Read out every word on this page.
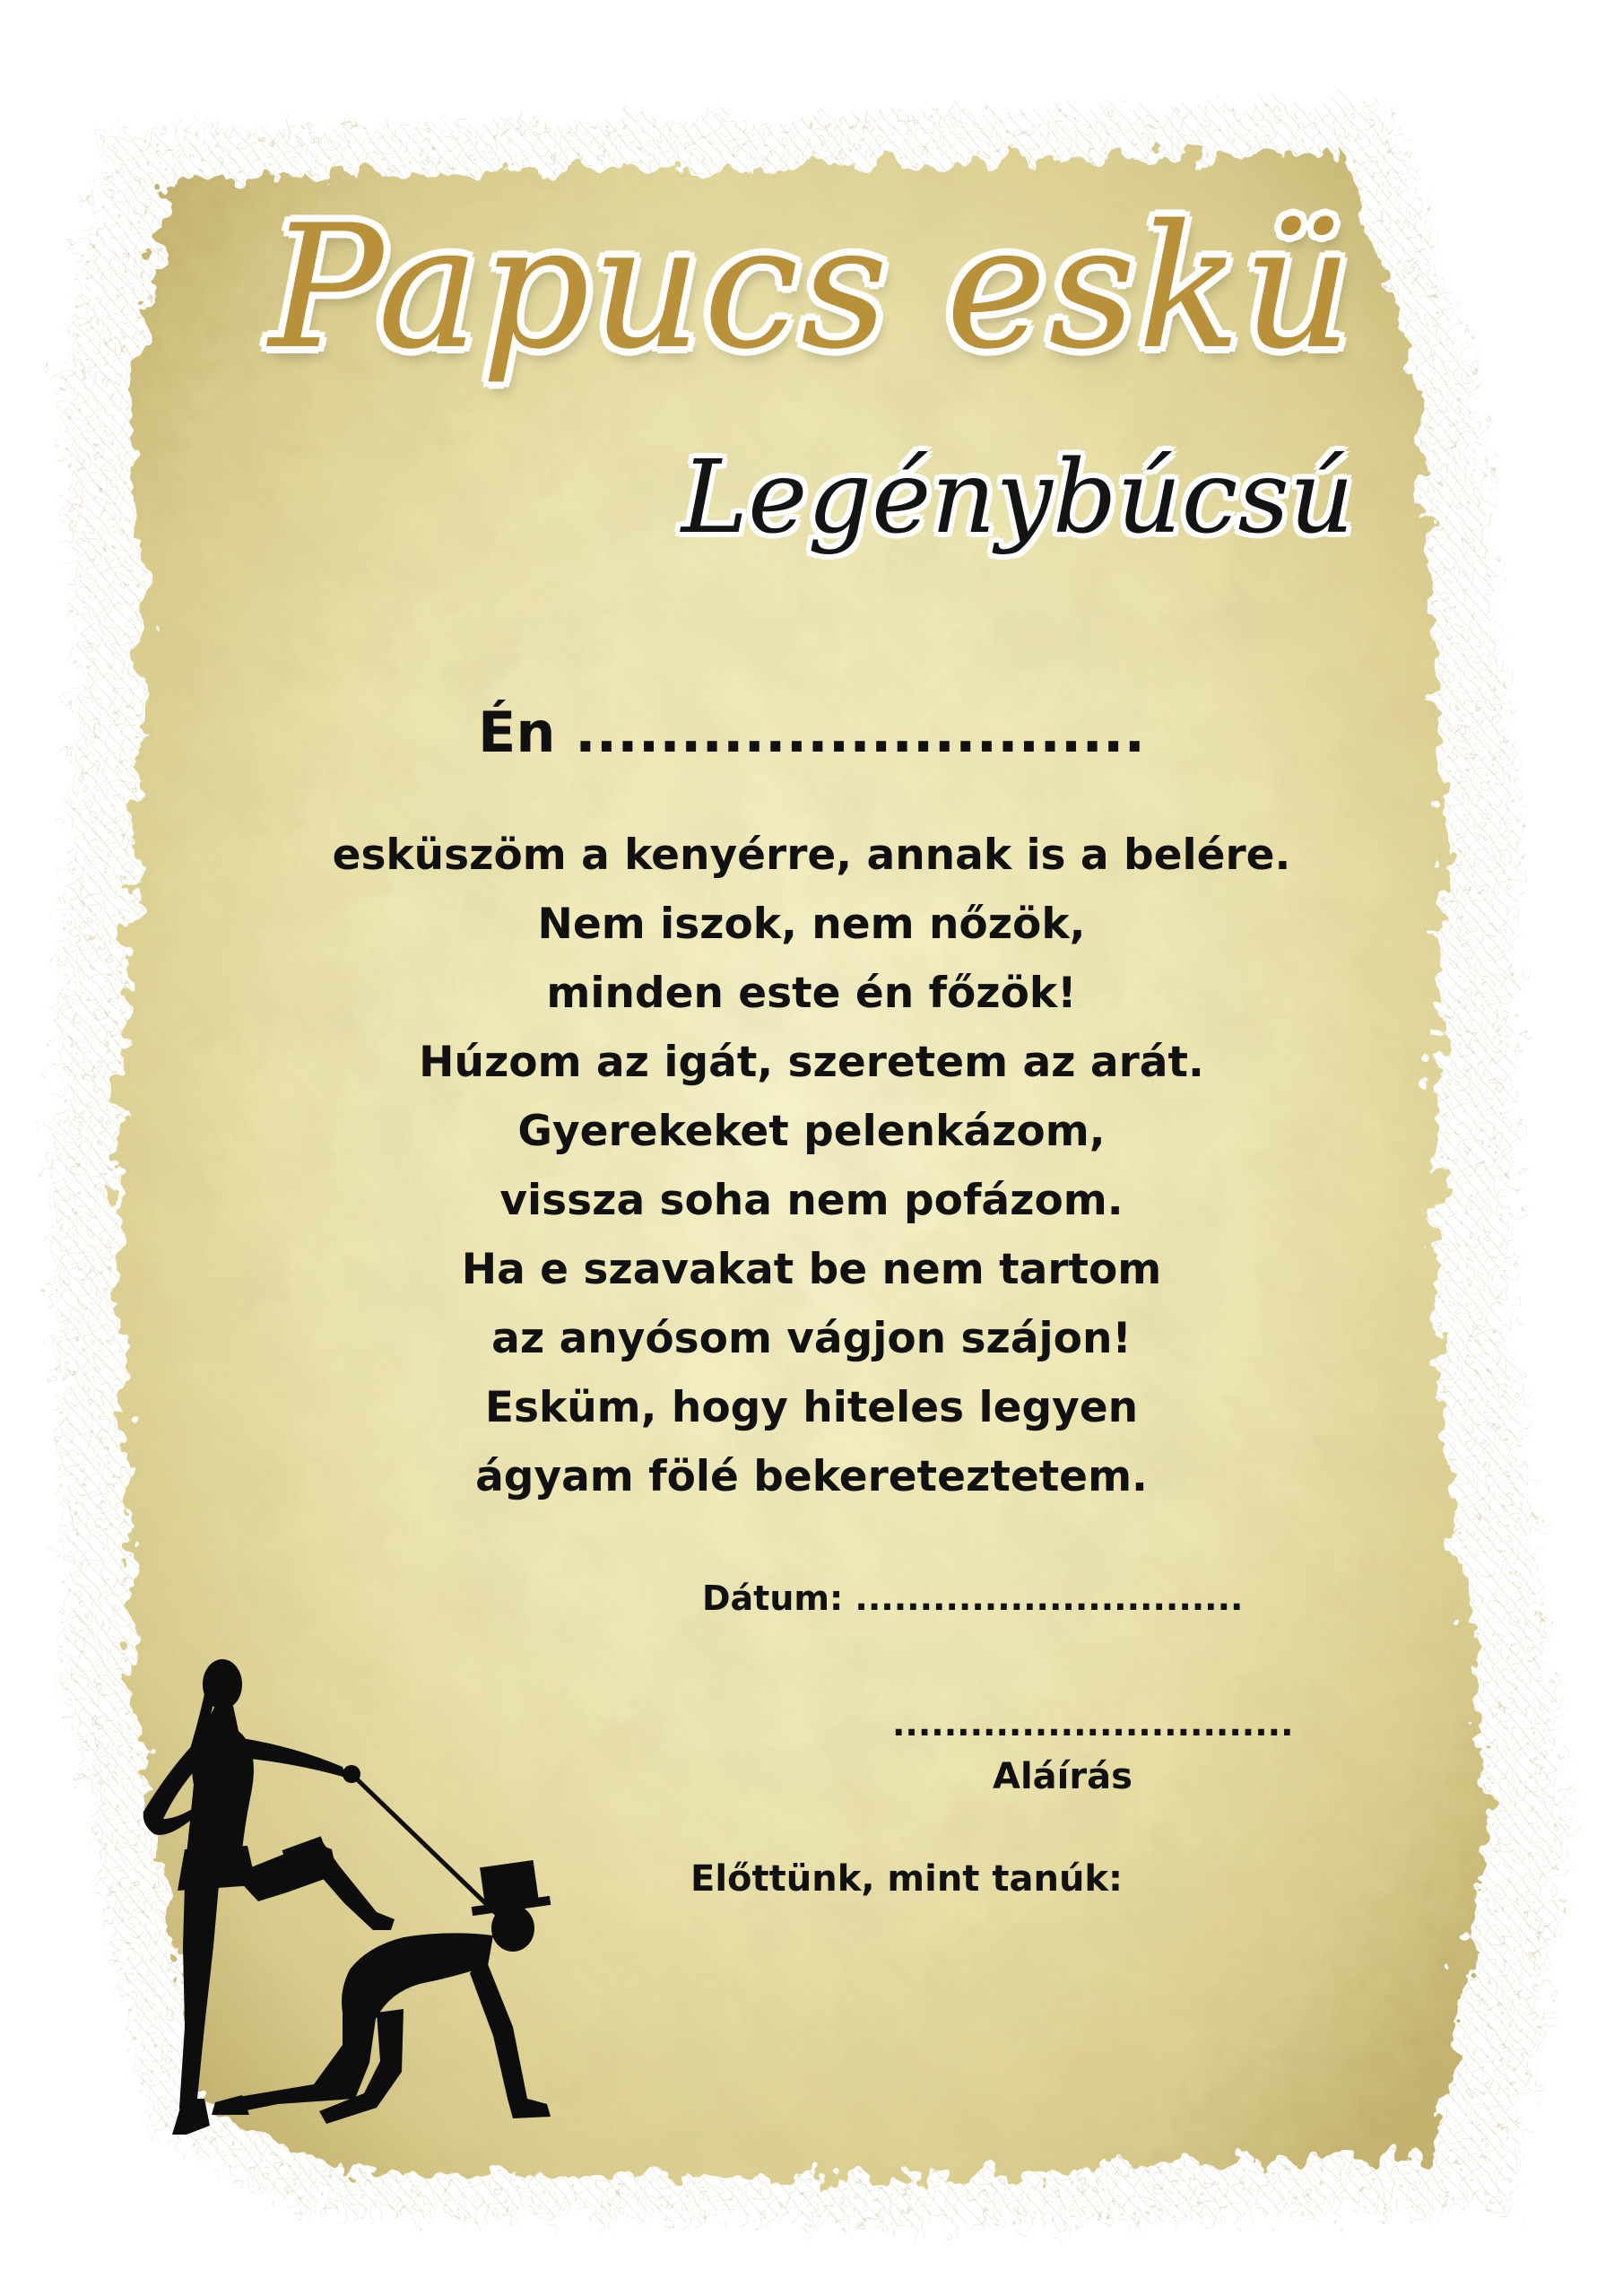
Papucs eskü
Legénybúcsú
Én ...........................
esküszöm a kenyérre, annak is a belére.
Nem iszok, nem nőzök,
minden este én főzök!
Húzom az igát, szeretem az arát.
Gyerekeket pelenkázom,
vissza soha nem pofázom.
Ha e szavakat be nem tartom
az anyósom vágjon szájon!
Esküm, hogy hiteles legyen
ágyam fölé bekereteztetem.
Dátum: ..............................
...............................
Aláírás
Előttünk, mint tanúk:
